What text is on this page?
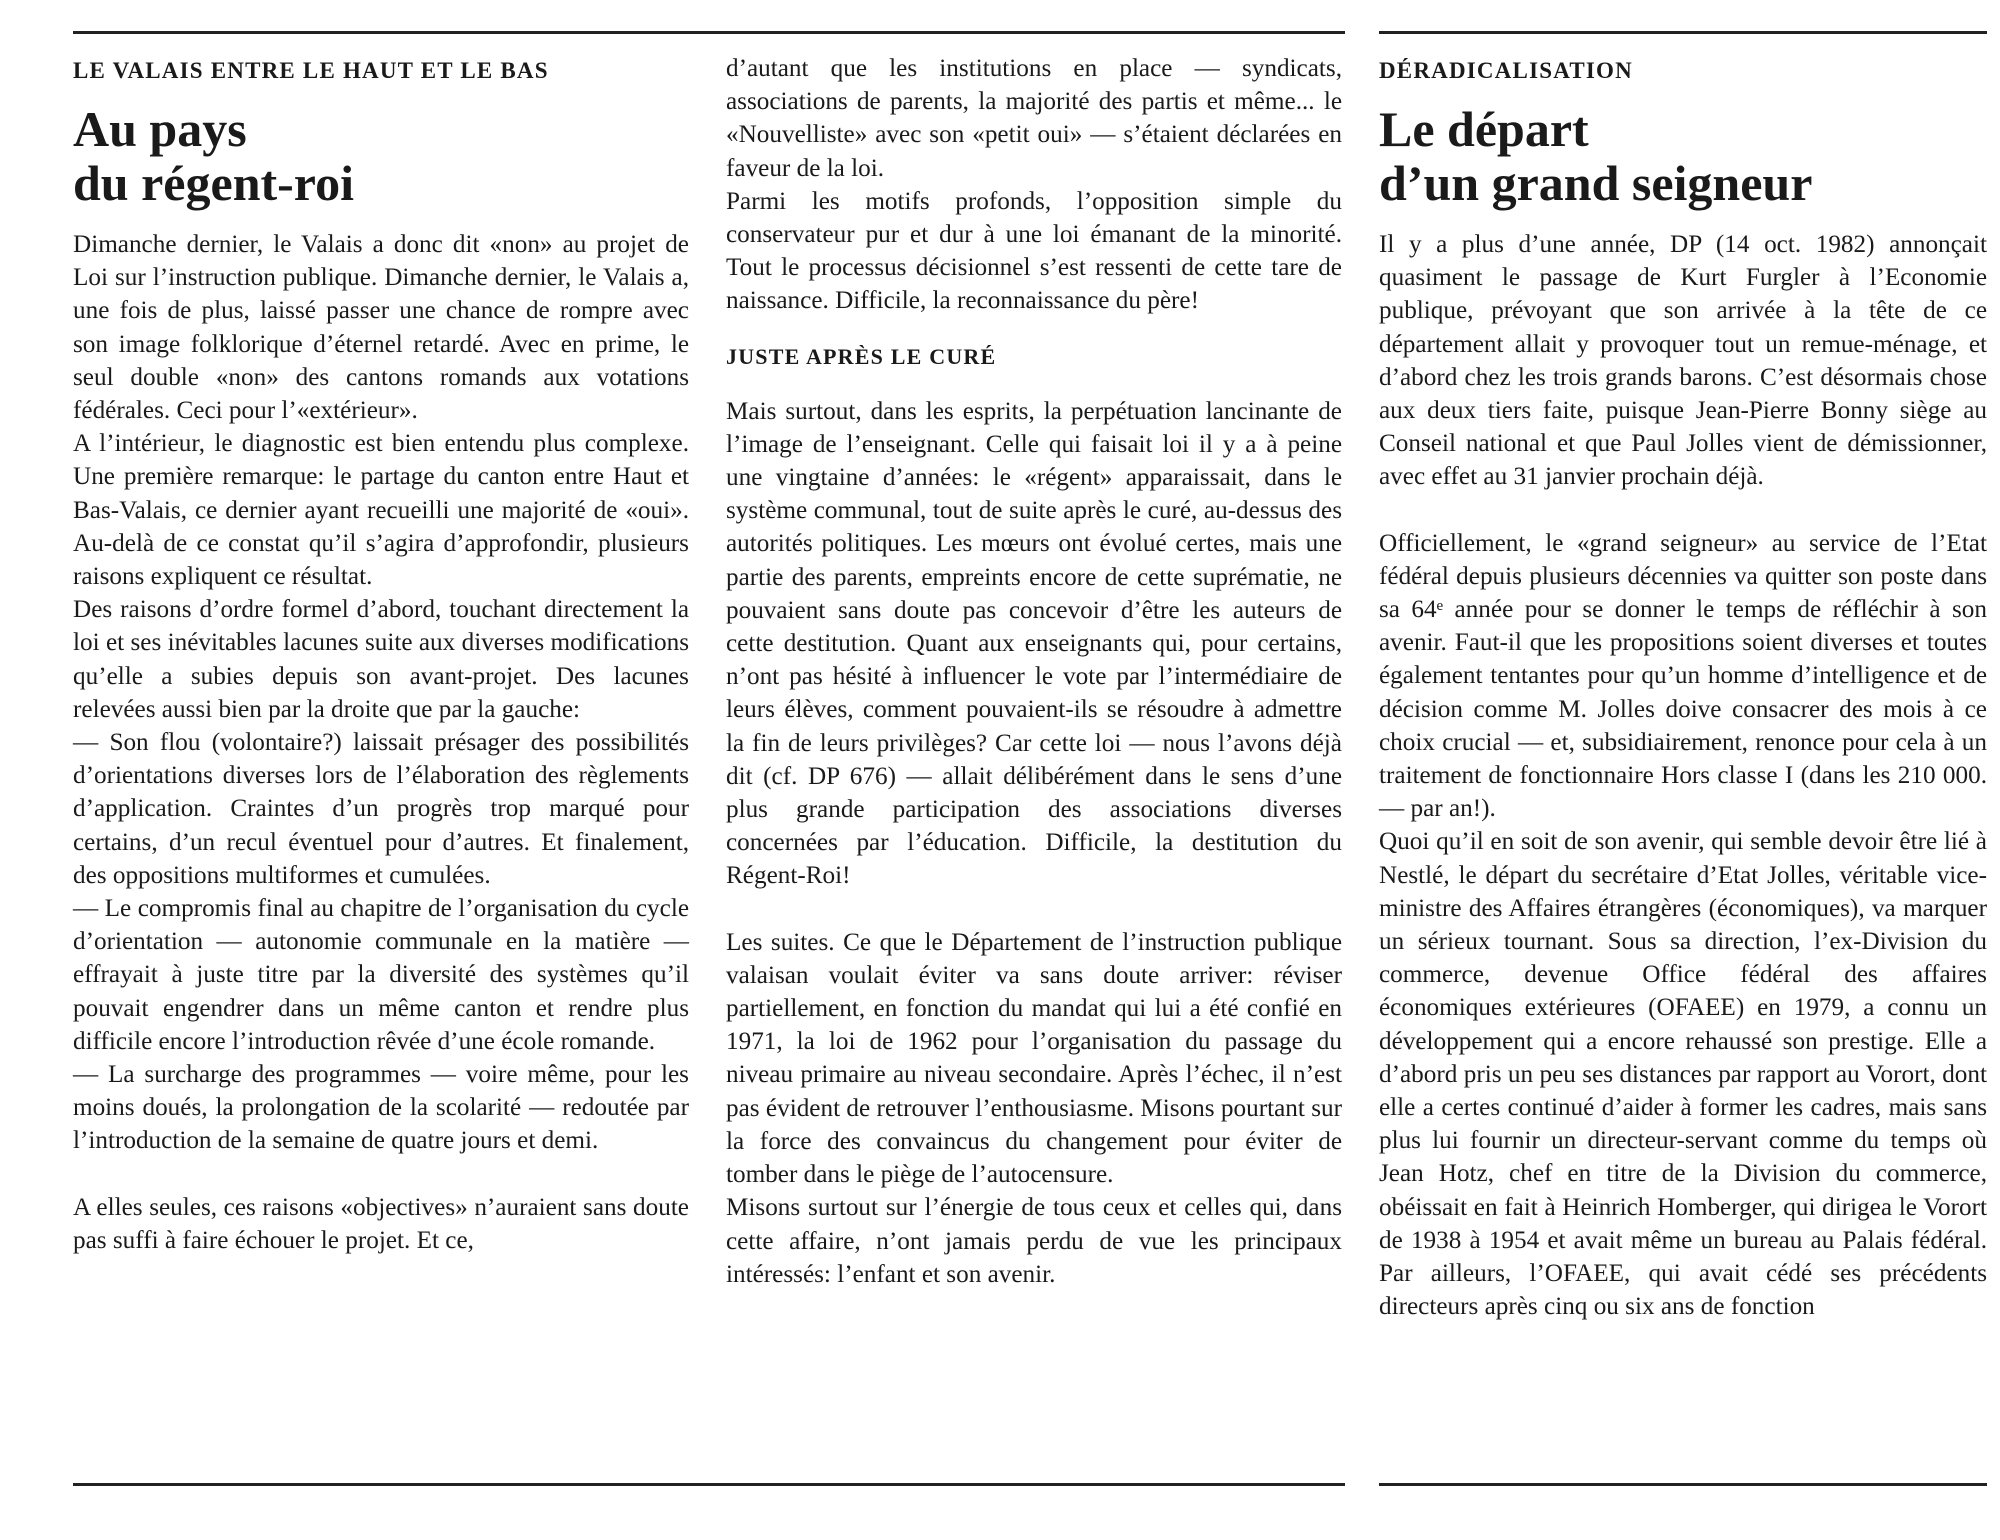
LE VALAIS ENTRE LE HAUT ET LE BAS
Au pays
du régent-roi

Dimanche dernier, le Valais a donc dit «non» au projet de Loi sur l’instruction publique. Dimanche dernier, le Valais a, une fois de plus, laissé passer une chance de rompre avec son image folklorique d’éternel retardé. Avec en prime, le seul double «non» des cantons romands aux votations fédérales. Ceci pour l’«extérieur».

A l’intérieur, le diagnostic est bien entendu plus complexe. Une première remarque: le partage du canton entre Haut et Bas-Valais, ce dernier ayant recueilli une majorité de «oui». Au-delà de ce constat qu’il s’agira d’approfondir, plusieurs raisons expliquent ce résultat.

Des raisons d’ordre formel d’abord, touchant directement la loi et ses inévitables lacunes suite aux diverses modifications qu’elle a subies depuis son avant-projet. Des lacunes relevées aussi bien par la droite que par la gauche:

— Son flou (volontaire?) laissait présager des possibilités d’orientations diverses lors de l’élaboration des règlements d’application. Craintes d’un progrès trop marqué pour certains, d’un recul éventuel pour d’autres. Et finalement, des oppositions multiformes et cumulées.

— Le compromis final au chapitre de l’organisation du cycle d’orientation — autonomie communale en la matière — effrayait à juste titre par la diversité des systèmes qu’il pouvait engendrer dans un même canton et rendre plus difficile encore l’introduction rêvée d’une école romande.

— La surcharge des programmes — voire même, pour les moins doués, la prolongation de la scolarité — redoutée par l’introduction de la semaine de quatre jours et demi.

A elles seules, ces raisons «objectives» n’auraient sans doute pas suffi à faire échouer le projet. Et ce,

d’autant que les institutions en place — syndicats, associations de parents, la majorité des partis et même... le «Nouvelliste» avec son «petit oui» — s’étaient déclarées en faveur de la loi.

Parmi les motifs profonds, l’opposition simple du conservateur pur et dur à une loi émanant de la minorité. Tout le processus décisionnel s’est ressenti de cette tare de naissance. Difficile, la reconnaissance du père!

JUSTE APRÈS LE CURÉ

Mais surtout, dans les esprits, la perpétuation lancinante de l’image de l’enseignant. Celle qui faisait loi il y a à peine une vingtaine d’années: le «régent» apparaissait, dans le système communal, tout de suite après le curé, au-dessus des autorités politiques. Les mœurs ont évolué certes, mais une partie des parents, empreints encore de cette suprématie, ne pouvaient sans doute pas concevoir d’être les auteurs de cette destitution. Quant aux enseignants qui, pour certains, n’ont pas hésité à influencer le vote par l’intermédiaire de leurs élèves, comment pouvaient-ils se résoudre à admettre la fin de leurs privilèges? Car cette loi — nous l’avons déjà dit (cf. DP 676) — allait délibérément dans le sens d’une plus grande participation des associations diverses concernées par l’éducation. Difficile, la destitution du Régent-Roi!

Les suites. Ce que le Département de l’instruction publique valaisan voulait éviter va sans doute arriver: réviser partiellement, en fonction du mandat qui lui a été confié en 1971, la loi de 1962 pour l’organisation du passage du niveau primaire au niveau secondaire. Après l’échec, il n’est pas évident de retrouver l’enthousiasme. Misons pourtant sur la force des convaincus du changement pour éviter de tomber dans le piège de l’autocensure.

Misons surtout sur l’énergie de tous ceux et celles qui, dans cette affaire, n’ont jamais perdu de vue les principaux intéressés: l’enfant et son avenir.

DÉRADICALISATION
Le départ
d’un grand seigneur

Il y a plus d’une année, DP (14 oct. 1982) annonçait quasiment le passage de Kurt Furgler à l’Economie publique, prévoyant que son arrivée à la tête de ce département allait y provoquer tout un remue-ménage, et d’abord chez les trois grands barons. C’est désormais chose aux deux tiers faite, puisque Jean-Pierre Bonny siège au Conseil national et que Paul Jolles vient de démissionner, avec effet au 31 janvier prochain déjà.

Officiellement, le «grand seigneur» au service de l’Etat fédéral depuis plusieurs décennies va quitter son poste dans sa 64ᵉ année pour se donner le temps de réfléchir à son avenir. Faut-il que les propositions soient diverses et toutes également tentantes pour qu’un homme d’intelligence et de décision comme M. Jolles doive consacrer des mois à ce choix crucial — et, subsidiairement, renonce pour cela à un traitement de fonctionnaire Hors classe I (dans les 210 000.— par an!).

Quoi qu’il en soit de son avenir, qui semble devoir être lié à Nestlé, le départ du secrétaire d’Etat Jolles, véritable vice-ministre des Affaires étrangères (économiques), va marquer un sérieux tournant. Sous sa direction, l’ex-Division du commerce, devenue Office fédéral des affaires économiques extérieures (OFAEE) en 1979, a connu un développement qui a encore rehaussé son prestige. Elle a d’abord pris un peu ses distances par rapport au Vorort, dont elle a certes continué d’aider à former les cadres, mais sans plus lui fournir un directeur-servant comme du temps où Jean Hotz, chef en titre de la Division du commerce, obéissait en fait à Heinrich Homberger, qui dirigea le Vorort de 1938 à 1954 et avait même un bureau au Palais fédéral. Par ailleurs, l’OFAEE, qui avait cédé ses précédents directeurs après cinq ou six ans de fonction
